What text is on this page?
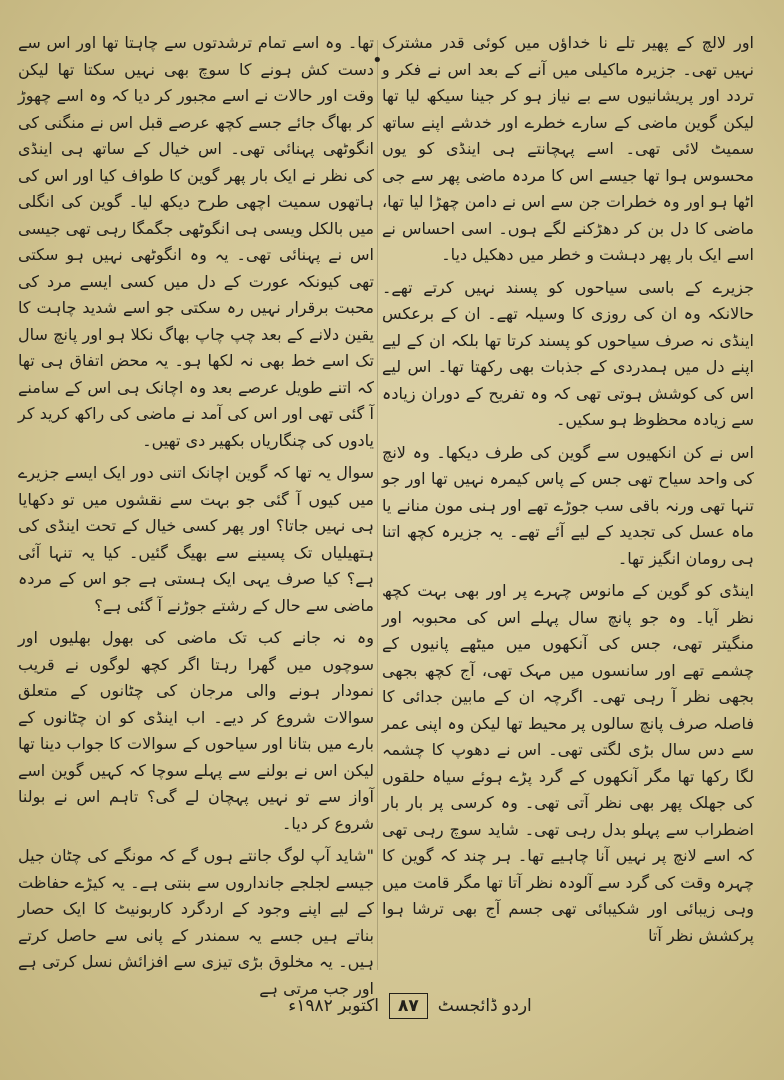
•

اور لالچ کے پھیر تلے نا خداؤں میں کوئی قدر مشترک نہیں تھی۔ جزیرہ ماکیلی میں آنے کے بعد اس نے فکر و تردد اور پریشانیوں سے بے نیاز ہو کر جینا سیکھ لیا تھا لیکن گوین ماضی کے سارے خطرے اور خدشے اپنے ساتھ سمیٹ لائی تھی۔ اسے پہچانتے ہی اینڈی کو یوں محسوس ہوا تھا جیسے اس کا مردہ ماضی پھر سے جی اٹھا ہو اور وہ خطرات جن سے اس نے دامن چھڑا لیا تھا، ماضی کا دل بن کر دھڑکنے لگے ہوں۔ اسی احساس نے اسے ایک بار پھر دہشت و خطر میں دھکیل دیا۔

جزیرے کے باسی سیاحوں کو پسند نہیں کرتے تھے۔ حالانکہ وہ ان کی روزی کا وسیلہ تھے۔ ان کے برعکس اینڈی نہ صرف سیاحوں کو پسند کرتا تھا بلکہ ان کے لیے اپنے دل میں ہمدردی کے جذبات بھی رکھتا تھا۔ اس لیے اس کی کوشش ہوتی تھی کہ وہ تفریح کے دوران زیادہ سے زیادہ محظوظ ہو سکیں۔

اس نے کن انکھیوں سے گوین کی طرف دیکھا۔ وہ لانچ کی واحد سیاح تھی جس کے پاس کیمرہ نہیں تھا اور جو تنہا تھی ورنہ باقی سب جوڑے تھے اور ہنی مون منانے یا ماہ عسل کی تجدید کے لیے آئے تھے۔ یہ جزیرہ کچھ اتنا ہی رومان انگیز تھا۔

اینڈی کو گوین کے مانوس چہرے پر اور بھی بہت کچھ نظر آیا۔ وہ جو پانچ سال پہلے اس کی محبوبہ اور منگیتر تھی، جس کی آنکھوں میں میٹھے پانیوں کے چشمے تھے اور سانسوں میں مہک تھی، آج کچھ بجھی بجھی نظر آ رہی تھی۔ اگرچہ ان کے مابین جدائی کا فاصلہ صرف پانچ سالوں پر محیط تھا لیکن وہ اپنی عمر سے دس سال بڑی لگتی تھی۔ اس نے دھوپ کا چشمہ لگا رکھا تھا مگر آنکھوں کے گرد پڑے ہوئے سیاہ حلقوں کی جھلک پھر بھی نظر آتی تھی۔ وہ کرسی پر بار بار اضطراب سے پہلو بدل رہی تھی۔ شاید سوچ رہی تھی کہ اسے لانچ پر نہیں آنا چاہیے تھا۔ ہر چند کہ گوین کا چہرہ وقت کی گرد سے آلودہ نظر آتا تھا مگر قامت میں وہی زیبائی اور شکیبائی تھی جسم آج بھی ترشا ہوا پرکشش نظر آتا

تھا۔ وہ اسے تمام ترشدتوں سے چاہتا تھا اور اس سے دست کش ہونے کا سوچ بھی نہیں سکتا تھا لیکن وقت اور حالات نے اسے مجبور کر دیا کہ وہ اسے چھوڑ کر بھاگ جائے جسے کچھ عرصے قبل اس نے منگنی کی انگوٹھی پہنائی تھی۔ اس خیال کے ساتھ ہی اینڈی کی نظر نے ایک بار پھر گوین کا طواف کیا اور اس کی ہاتھوں سمیت اچھی طرح دیکھ لیا۔ گوین کی انگلی میں بالکل ویسی ہی انگوٹھی جگمگا رہی تھی جیسی اس نے پہنائی تھی۔ یہ وہ انگوٹھی نہیں ہو سکتی تھی کیونکہ عورت کے دل میں کسی ایسے مرد کی محبت برقرار نہیں رہ سکتی جو اسے شدید چاہت کا یقین دلانے کے بعد چپ چاپ بھاگ نکلا ہو اور پانچ سال تک اسے خط بھی نہ لکھا ہو۔ یہ محض اتفاق ہی تھا کہ اتنے طویل عرصے بعد وہ اچانک ہی اس کے سامنے آ گئی تھی اور اس کی آمد نے ماضی کی راکھ کرید کر یادوں کی چنگاریاں بکھیر دی تھیں۔

سوال یہ تھا کہ گوین اچانک اتنی دور ایک ایسے جزیرے میں کیوں آ گئی جو بہت سے نقشوں میں تو دکھایا ہی نہیں جاتا؟ اور پھر کسی خیال کے تحت اینڈی کی ہتھیلیاں تک پسینے سے بھیگ گئیں۔ کیا یہ تنہا آئی ہے؟ کیا صرف یہی ایک ہستی ہے جو اس کے مردہ ماضی سے حال کے رشتے جوڑنے آ گئی ہے؟

وہ نہ جانے کب تک ماضی کی بھول بھلیوں اور سوچوں میں گھرا رہتا اگر کچھ لوگوں نے قریب نمودار ہونے والی مرجان کی چٹانوں کے متعلق سوالات شروع کر دیے۔ اب اینڈی کو ان چٹانوں کے بارے میں بتانا اور سیاحوں کے سوالات کا جواب دینا تھا لیکن اس نے بولنے سے پہلے سوچا کہ کہیں گوین اسے آواز سے تو نہیں پہچان لے گی؟ تاہم اس نے بولنا شروع کر دیا۔

"شاید آپ لوگ جانتے ہوں گے کہ مونگے کی چٹان جیل جیسے لجلجے جانداروں سے بنتی ہے۔ یہ کیڑے حفاظت کے لیے اپنے وجود کے اردگرد کاربونیٹ کا ایک حصار بناتے ہیں جسے یہ سمندر کے پانی سے حاصل کرتے ہیں۔ یہ مخلوق بڑی تیزی سے افزائش نسل کرتی ہے اور جب مرتی ہے

اکتوبر ۱۹۸۲ء	۸۷	اردو ڈائجسٹ
